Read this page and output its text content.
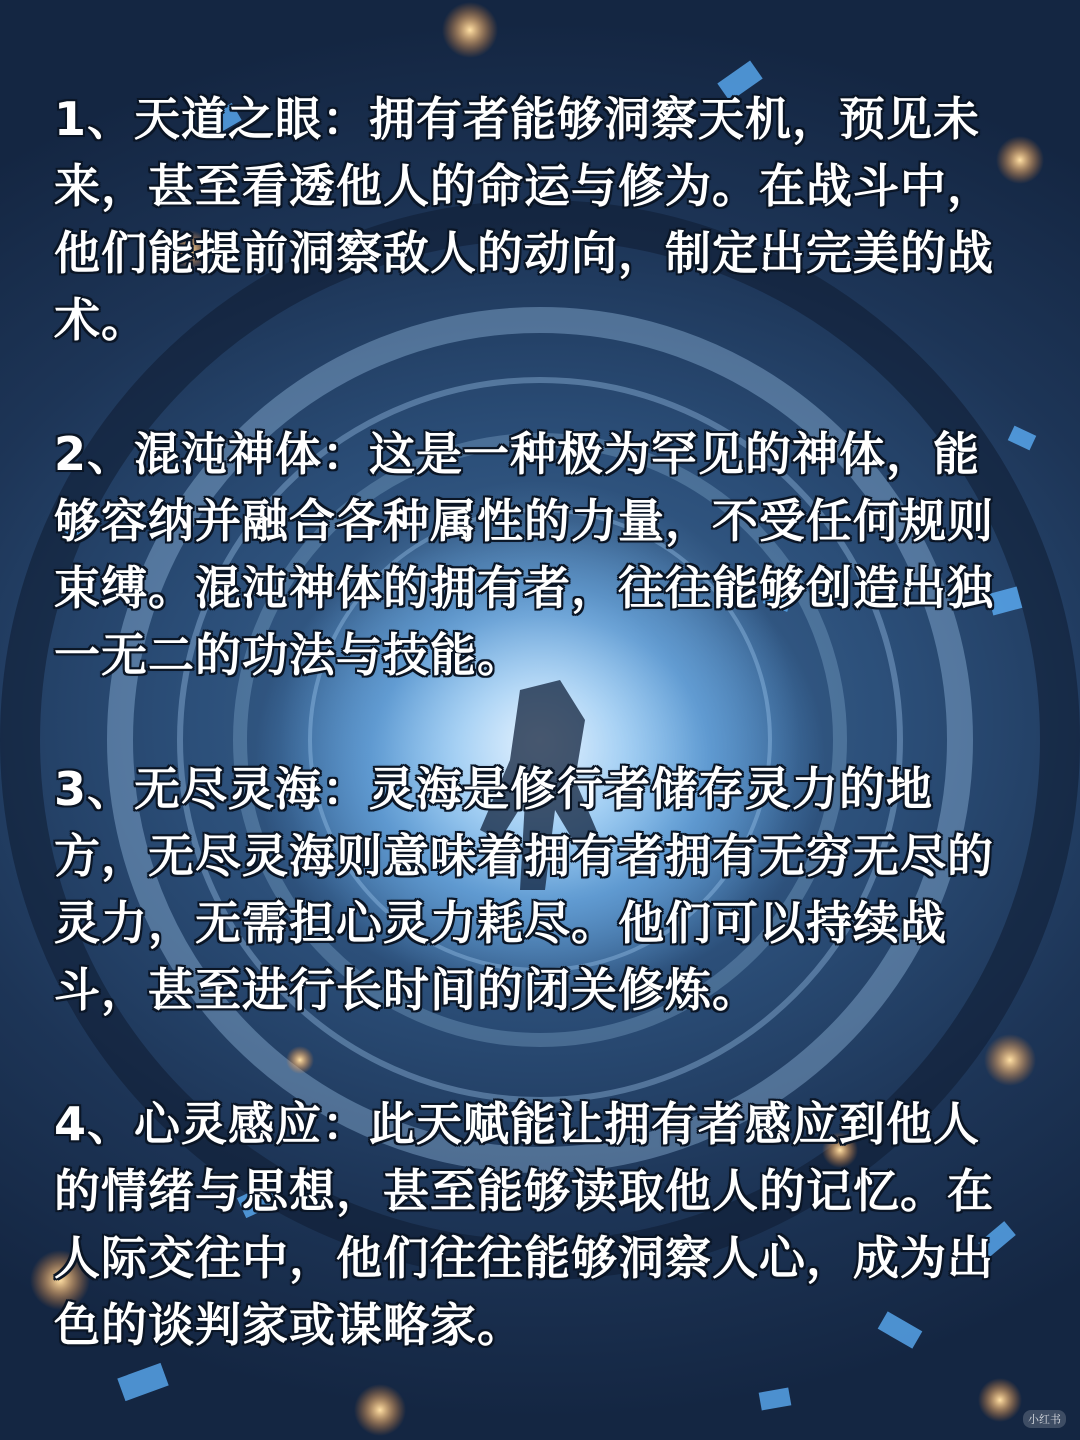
1、天道之眼：拥有者能够洞察天机，预见未来，甚至看透他人的命运与修为。在战斗中，他们能提前洞察敌人的动向，制定出完美的战术。

2、混沌神体：这是一种极为罕见的神体，能够容纳并融合各种属性的力量，不受任何规则束缚。混沌神体的拥有者，往往能够创造出独一无二的功法与技能。

3、无尽灵海：灵海是修行者储存灵力的地方，无尽灵海则意味着拥有者拥有无穷无尽的灵力，无需担心灵力耗尽。他们可以持续战斗，甚至进行长时间的闭关修炼。

4、心灵感应：此天赋能让拥有者感应到他人的情绪与思想，甚至能够读取他人的记忆。在人际交往中，他们往往能够洞察人心，成为出色的谈判家或谋略家。

小红书
